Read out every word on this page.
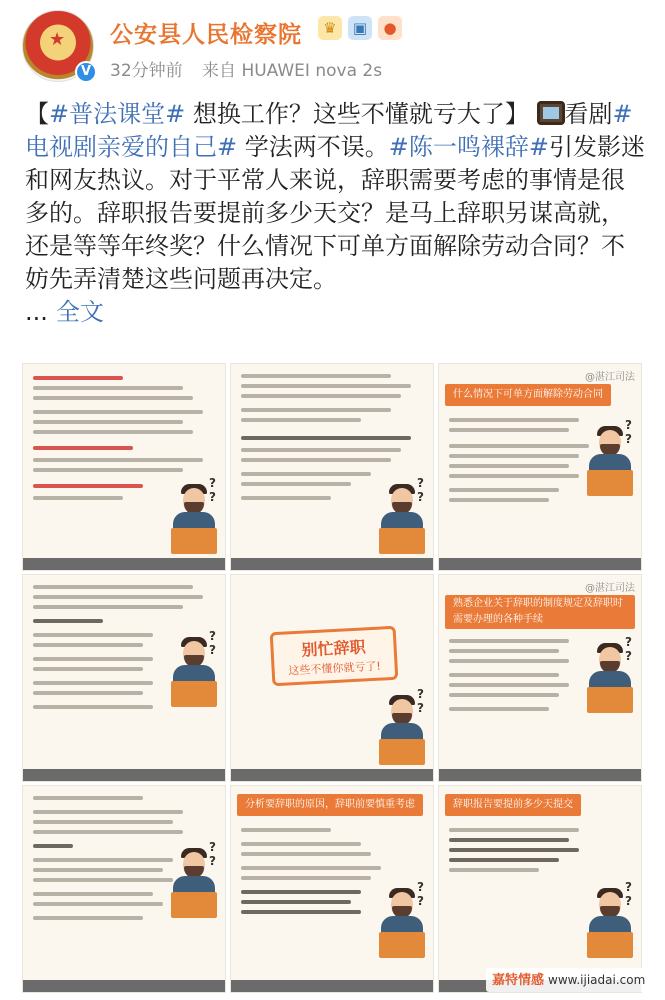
★
V
公安县人民检察院	♛	▣	●
32分钟前 来自 HUAWEI nova 2s
【#普法课堂# 想换工作？这些不懂就亏大了】 看剧#电视剧亲爱的自己# 学法两不误。#陈一鸣裸辞#引发影迷和网友热议。对于平常人来说，辞职需要考虑的事情是很多的。辞职报告要提前多少天交？是马上辞职另谋高就，还是等等年终奖？什么情况下可单方面解除劳动合同？不妨先弄清楚这些问题再决定。
... 全文
? ?
? ?
@湛江司法
什么情况下可单方面解除劳动合同
? ?
? ?	别忙辞职
这些不懂你就亏了!
? ?
@湛江司法
熟悉企业关于辞职的制度规定及辞职时需要办理的各种手续
? ?
? ?
分析要辞职的原因，辞职前要慎重考虑
? ?
辞职报告要提前多少天提交
? ?
嘉特情感 www.ijiadai.com
